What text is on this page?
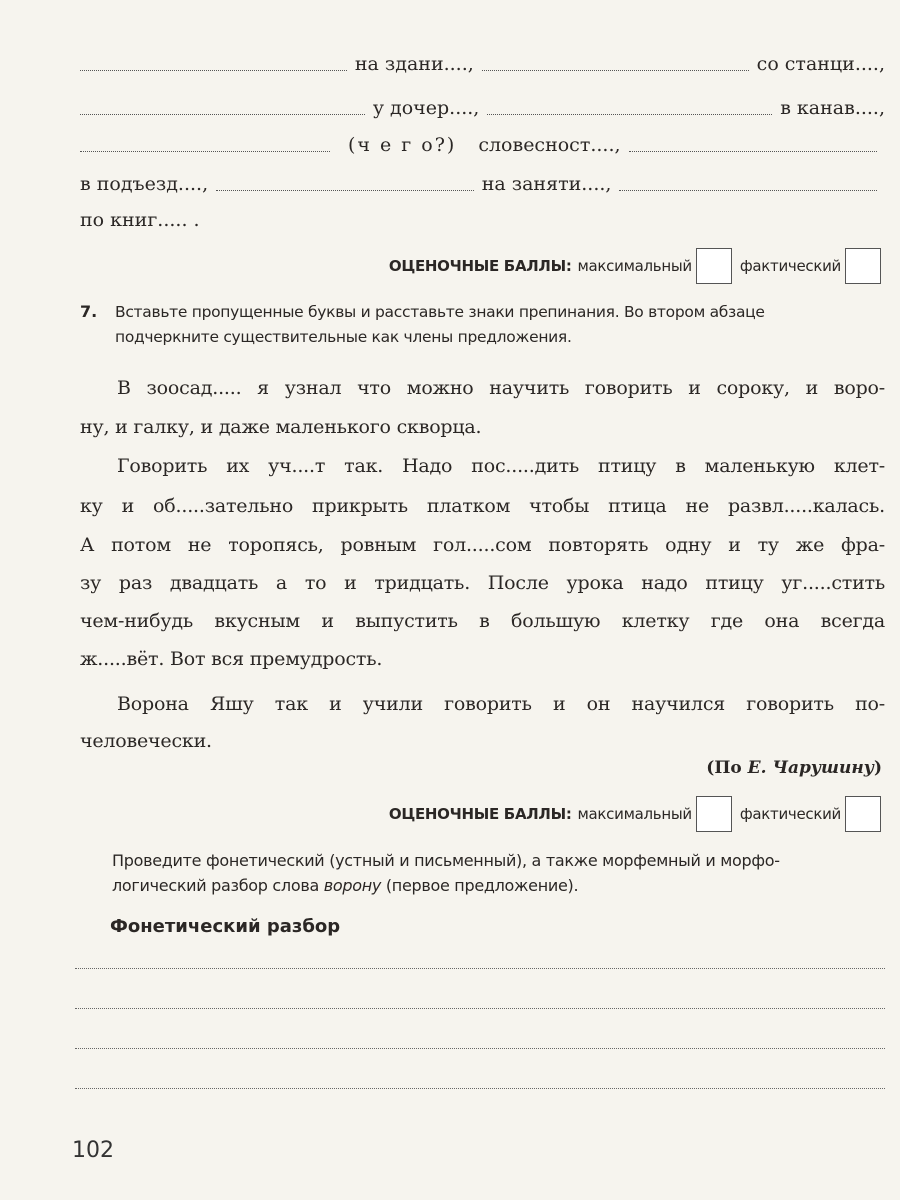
на здани....,	со станци....,
у дочер....,	в канав....,
(ч е г о?) словесност....,
в подъезд....,	на заняти....,
по книг..... .
ОЦЕНОЧНЫЕ БАЛЛЫ: максимальный	фактический
7. Вставьте пропущенные буквы и расставьте знаки препинания. Во втором абзаце
подчеркните существительные как члены предложения.
В зоосад..... я узнал что можно научить говорить и сороку, и воро-
ну, и галку, и даже маленького скворца.
Говорить их уч....т так. Надо пос.....дить птицу в маленькую клет-
ку и об.....зательно прикрыть платком чтобы птица не развл.....калась.
А потом не торопясь, ровным гол.....сом повторять одну и ту же фра-
зу раз двадцать а то и тридцать. После урока надо птицу уг.....стить
чем-нибудь вкусным и выпустить в большую клетку где она всегда
ж.....вёт. Вот вся премудрость.
Ворона Яшу так и учили говорить и он научился говорить по-
человечески.
(По Е. Чарушину)
ОЦЕНОЧНЫЕ БАЛЛЫ: максимальный	фактический
Проведите фонетический (устный и письменный), а также морфемный и морфо-
логический разбор слова ворону (первое предложение).
Фонетический разбор
102
